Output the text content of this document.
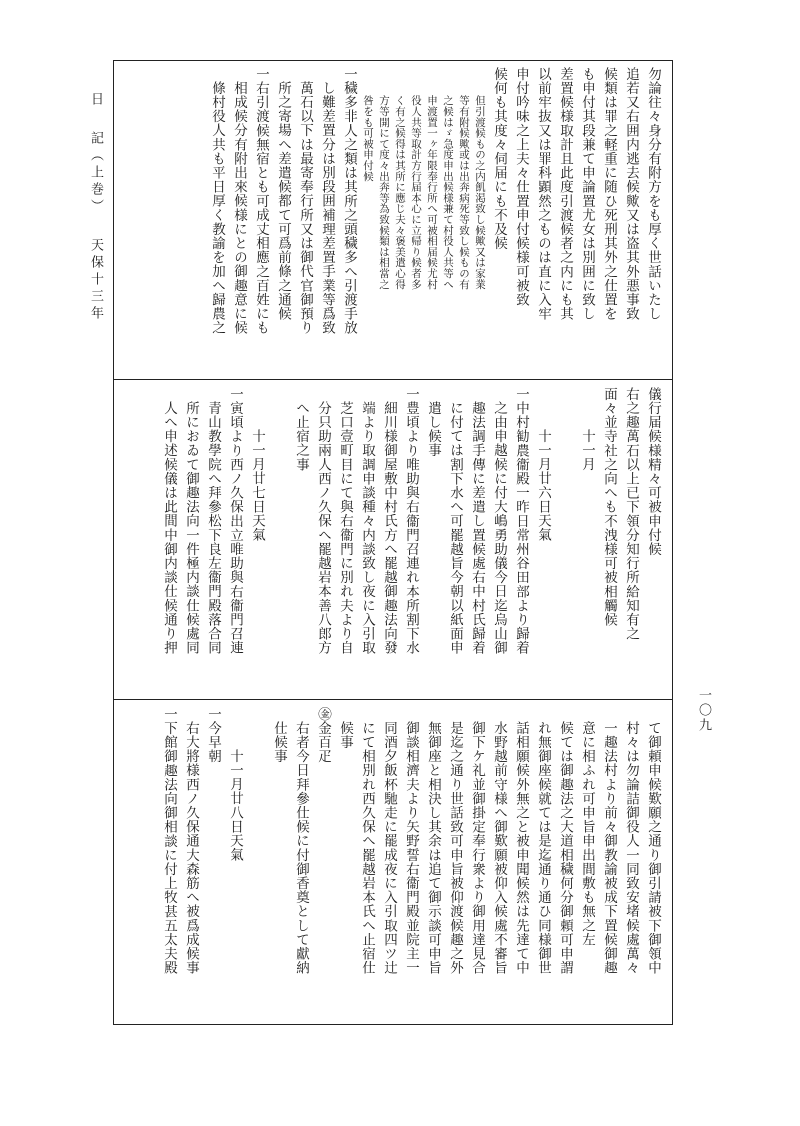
日 記（上巻） 天保十三年
一〇九
勿論往々身分有附方をも厚く世話いたし
追若又右囲内逃去候歟又は盗其外悪事致
候類は罪之軽重に随ひ死刑其外之仕置を
も申付其段兼て申論置尤女は別囲に致し
差置候様取計且此度引渡候者之内にも其
以前牢抜又は罪科顕然之ものは直に入牢
申付吟味之上夫々仕置申付候様可被致
候何も其度々伺届にも不及候
但引渡候もの之内飢渇致し候歟又は家業
等有附候歟或は出奔病死等致し候もの有
之候はゞ急度申出候様兼て村役人共等へ
申渡置一ヶ年限奉行所へ可被相届候尤村
役人共等取計方行届本心に立帰り候者多
く有之候得は其所に應じ夫々褒美遣心得
方等開にて度々出奔等為致候類は相當之
咎をも可被申付候
一穢多非人之類は其所之頭穢多へ引渡手放
し難差置分は別段囲補理差置手業等爲致
萬石以下は最寄奉行所又は御代官御預り
所之寄場へ差遣候都て可爲前條之通候
一右引渡候無宿とも可成丈相應之百姓にも
相成候分有附出來候様にとの御趣意に候
條村役人共も平日厚く教諭を加へ歸農之
儀行届候様精々可被申付候
右之趣萬石以上已下領分知行所給知有之
面々並寺社之向へも不洩様可被相觸候
十一月
十一月廿六日天氣
一中村勧農衞殿一昨日常州谷田部より歸着
之由申越候に付大嶋勇助儀今日迄烏山御
趣法調手傳に差遣し置候處右中村氏歸着
に付ては割下水へ可罷越旨今朝以紙面申
遣し候事
一豊頃より唯助與右衞門召連れ本所割下水
細川様御屋敷中村氏方へ罷越御趣法向發
端より取調申談種々内談致し夜に入引取
芝口壹町目にて與右衞門に別れ夫より自
分只助兩人西ノ久保へ罷越岩本善八郎方
へ止宿之事
十一月廿七日天氣
一寅頃より西ノ久保出立唯助與右衞門召連
青山教學院へ拜參松下良左衞門殿落合同
所におゐて御趣法向一件極内談仕候處同
人へ申述候儀は此間中御内談仕候通り押
て御頼申候歎願之通り御引請被下御領中
村々は勿論詰御役人一同致安堵候處萬々
一趣法村より前々御教諭被成下置候御趣
意に相ふれ可申旨申出間敷も無之左
候ては御趣法之大道相穢何分御頼可申謂
れ無御座候就ては是迄通り通ひ同様御世
話相願候外無之と被申聞候然は先達て中
水野越前守様へ御歎願被仰入候處不審旨
御下ケ礼並御掛定奉行衆より御用達見合
是迄之通り世話致可申旨被仰渡候趣之外
無御座と相決し其余は追て御示談可申旨
御談相濟夫より矢野誓右衞門殿並院主一
同酒夕飯杯馳走に罷成夜に入引取四ツ辻
にて相別れ西久保へ罷越岩本氏へ止宿仕
候事
㊎金百疋
右者今日拜參仕候に付御香奠として獻納
仕候事
十一月廿八日天氣
一今早朝
右大將様西ノ久保通大森筋へ被爲成候事
一下館御趣法向御相談に付上牧甚五太夫殿
